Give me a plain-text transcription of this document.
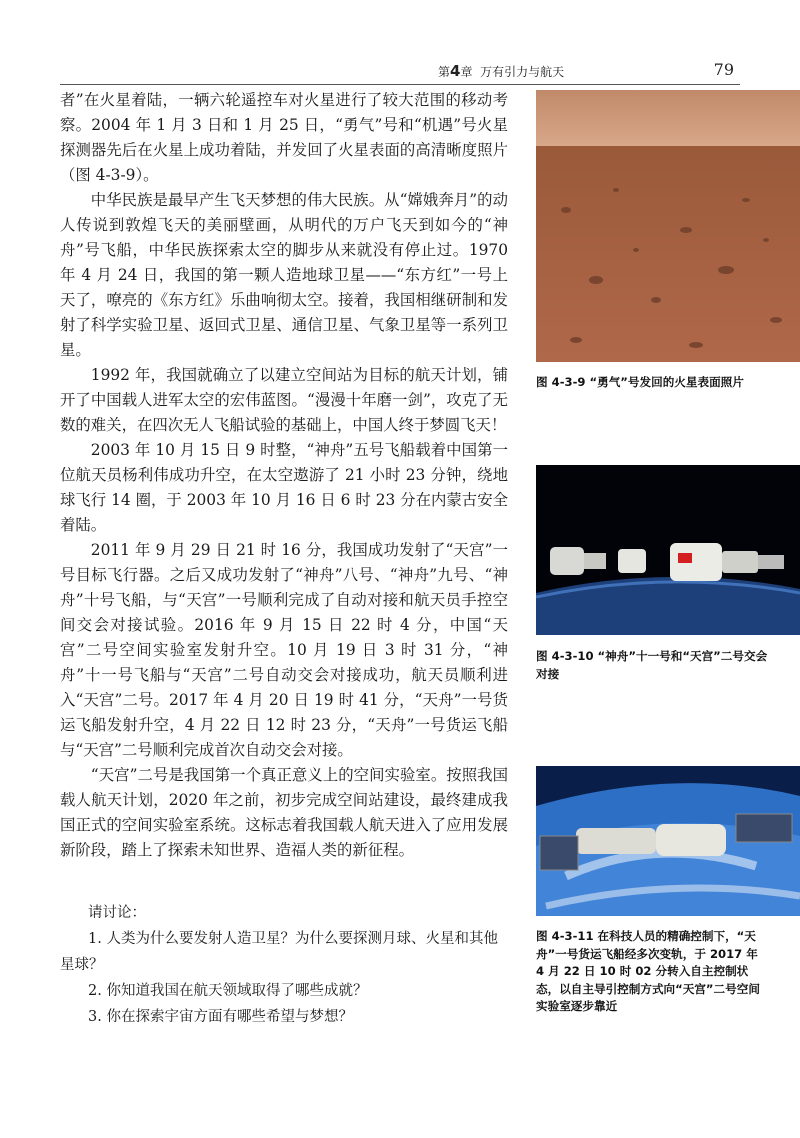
第4章 万有引力与航天	79

者”在火星着陆，一辆六轮遥控车对火星进行了较大范围的移动考察。2004 年 1 月 3 日和 1 月 25 日，“勇气”号和“机遇”号火星探测器先后在火星上成功着陆，并发回了火星表面的高清晰度照片（图 4-3-9）。

中华民族是最早产生飞天梦想的伟大民族。从“嫦娥奔月”的动人传说到敦煌飞天的美丽壁画，从明代的万户飞天到如今的“神舟”号飞船，中华民族探索太空的脚步从来就没有停止过。1970 年 4 月 24 日，我国的第一颗人造地球卫星——“东方红”一号上天了，嘹亮的《东方红》乐曲响彻太空。接着，我国相继研制和发射了科学实验卫星、返回式卫星、通信卫星、气象卫星等一系列卫星。

1992 年，我国就确立了以建立空间站为目标的航天计划，铺开了中国载人进军太空的宏伟蓝图。“漫漫十年磨一剑”，攻克了无数的难关，在四次无人飞船试验的基础上，中国人终于梦圆飞天！

2003 年 10 月 15 日 9 时整，“神舟”五号飞船载着中国第一位航天员杨利伟成功升空，在太空遨游了 21 小时 23 分钟，绕地球飞行 14 圈，于 2003 年 10 月 16 日 6 时 23 分在内蒙古安全着陆。

2011 年 9 月 29 日 21 时 16 分，我国成功发射了“天宫”一号目标飞行器。之后又成功发射了“神舟”八号、“神舟”九号、“神舟”十号飞船，与“天宫”一号顺利完成了自动对接和航天员手控空间交会对接试验。2016 年 9 月 15 日 22 时 4 分，中国“天宫”二号空间实验室发射升空。10 月 19 日 3 时 31 分，“神舟”十一号飞船与“天宫”二号自动交会对接成功，航天员顺利进入“天宫”二号。2017 年 4 月 20 日 19 时 41 分，“天舟”一号货运飞船发射升空，4 月 22 日 12 时 23 分，“天舟”一号货运飞船与“天宫”二号顺利完成首次自动交会对接。

“天宫”二号是我国第一个真正意义上的空间实验室。按照我国载人航天计划，2020 年之前，初步完成空间站建设，最终建成我国正式的空间实验室系统。这标志着我国载人航天进入了应用发展新阶段，踏上了探索未知世界、造福人类的新征程。

请讨论：
1. 人类为什么要发射人造卫星？为什么要探测月球、火星和其他星球？
2. 你知道我国在航天领域取得了哪些成就？
3. 你在探索宇宙方面有哪些希望与梦想？
图 4-3-9 “勇气”号发回的火星表面照片
图 4-3-10 “神舟”十一号和“天宫”二号交会对接
图 4-3-11 在科技人员的精确控制下，“天舟”一号货运飞船经多次变轨，于 2017 年 4 月 22 日 10 时 02 分转入自主控制状态，以自主导引控制方式向“天宫”二号空间实验室逐步靠近
